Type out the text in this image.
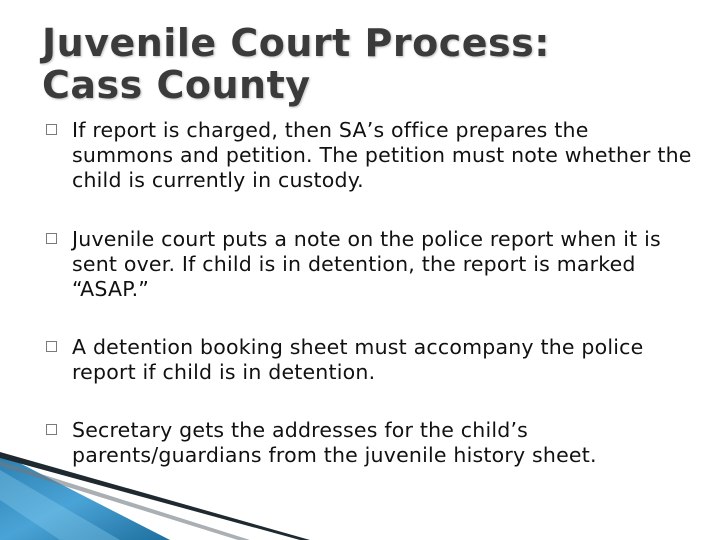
Juvenile Court Process:
Cass County
If report is charged, then SA’s office prepares the summons and petition. The petition must note whether the child is currently in custody.
Juvenile court puts a note on the police report when it is sent over. If child is in detention, the report is marked “ASAP.”
A detention booking sheet must accompany the police report if child is in detention.
Secretary gets the addresses for the child’s parents/guardians from the juvenile history sheet.
